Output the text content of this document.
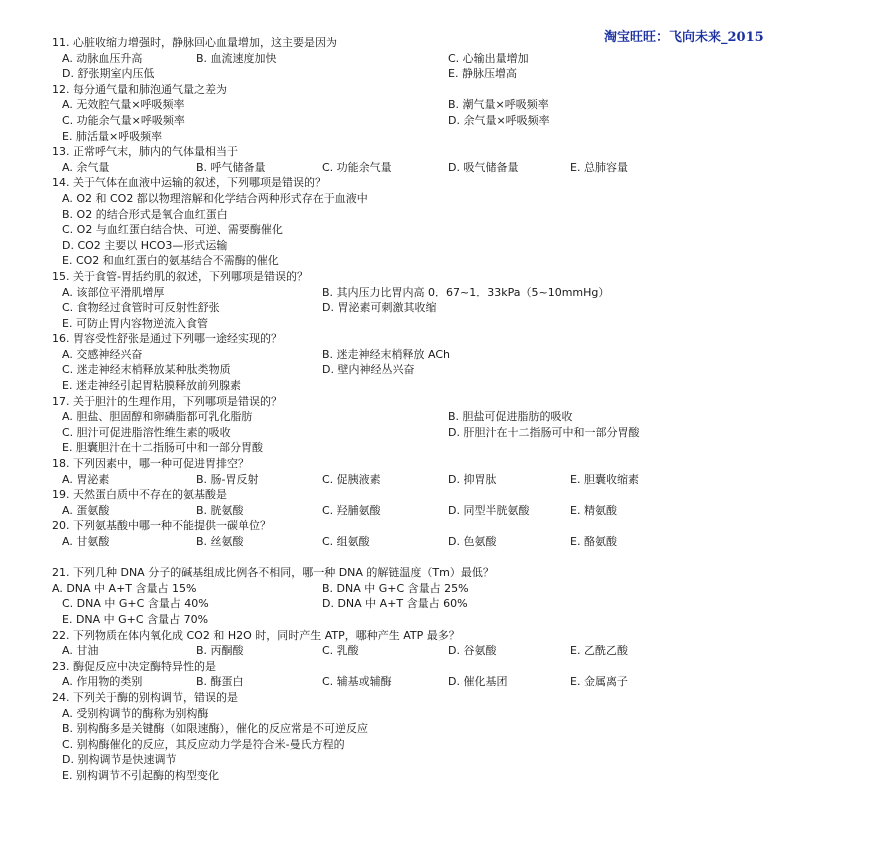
淘宝旺旺：飞向未来_2015
11. 心脏收缩力增强时，静脉回心血量增加，这主要是因为
A. 动脉血压升高	B. 血流速度加快	C. 心输出量增加
D. 舒张期室内压低	E. 静脉压增高
12. 每分通气量和肺泡通气量之差为
A. 无效腔气量×呼吸频率	B. 潮气量×呼吸频率
C. 功能余气量×呼吸频率	D. 余气量×呼吸频率
E. 肺活量×呼吸频率
13. 正常呼气末，肺内的气体量相当于
A. 余气量	B. 呼气储备量	C. 功能余气量	D. 吸气储备量	E. 总肺容量
14. 关于气体在血液中运输的叙述，下列哪项是错误的？
A. O2 和 CO2 都以物理溶解和化学结合两种形式存在于血液中
B. O2 的结合形式是氧合血红蛋白
C. O2 与血红蛋白结合快、可逆、需要酶催化
D. CO2 主要以 HCO3—形式运输
E. CO2 和血红蛋白的氨基结合不需酶的催化
15. 关于食管-胃括约肌的叙述，下列哪项是错误的？
A. 该部位平滑肌增厚	B. 其内压力比胃内高 0．67~1．33kPa（5~10mmHg）
C. 食物经过食管时可反射性舒张	D. 胃泌素可刺激其收缩
E. 可防止胃内容物逆流入食管
16. 胃容受性舒张是通过下列哪一途经实现的？
A. 交感神经兴奋	B. 迷走神经末梢释放 ACh
C. 迷走神经末梢释放某种肽类物质	D. 壁内神经丛兴奋
E. 迷走神经引起胃粘膜释放前列腺素
17. 关于胆汁的生理作用，下列哪项是错误的？
A. 胆盐、胆固醇和卵磷脂都可乳化脂肪	B. 胆盐可促进脂肪的吸收
C. 胆汁可促进脂溶性维生素的吸收	D. 肝胆汁在十二指肠可中和一部分胃酸
E. 胆囊胆汁在十二指肠可中和一部分胃酸
18. 下列因素中，哪一种可促进胃排空？
A. 胃泌素	B. 肠-胃反射	C. 促胰液素	D. 抑胃肽	E. 胆囊收缩素
19. 天然蛋白质中不存在的氨基酸是
A. 蛋氨酸	B. 胱氨酸	C. 羟脯氨酸	D. 同型半胱氨酸	E. 精氨酸
20. 下列氨基酸中哪一种不能提供一碳单位？
A. 甘氨酸	B. 丝氨酸	C. 组氨酸	D. 色氨酸	E. 酪氨酸
21. 下列几种 DNA 分子的碱基组成比例各不相同，哪一种 DNA 的解链温度（Tm）最低？
A. DNA 中 A+T 含量占 15%	B. DNA 中 G+C 含量占 25%
C. DNA 中 G+C 含量占 40%	D. DNA 中 A+T 含量占 60%
E. DNA 中 G+C 含量占 70%
22. 下列物质在体内氧化成 CO2 和 H2O 时，同时产生 ATP，哪种产生 ATP 最多？
A. 甘油	B. 丙酮酸	C. 乳酸	D. 谷氨酸	E. 乙酰乙酸
23. 酶促反应中决定酶特异性的是
A. 作用物的类别	B. 酶蛋白	C. 辅基或辅酶	D. 催化基团	E. 金属离子
24. 下列关于酶的别构调节，错误的是
A. 受别构调节的酶称为别构酶
B. 别构酶多是关键酶（如限速酶），催化的反应常是不可逆反应
C. 别构酶催化的反应，其反应动力学是符合米-曼氏方程的
D. 别构调节是快速调节
E. 别构调节不引起酶的构型变化
